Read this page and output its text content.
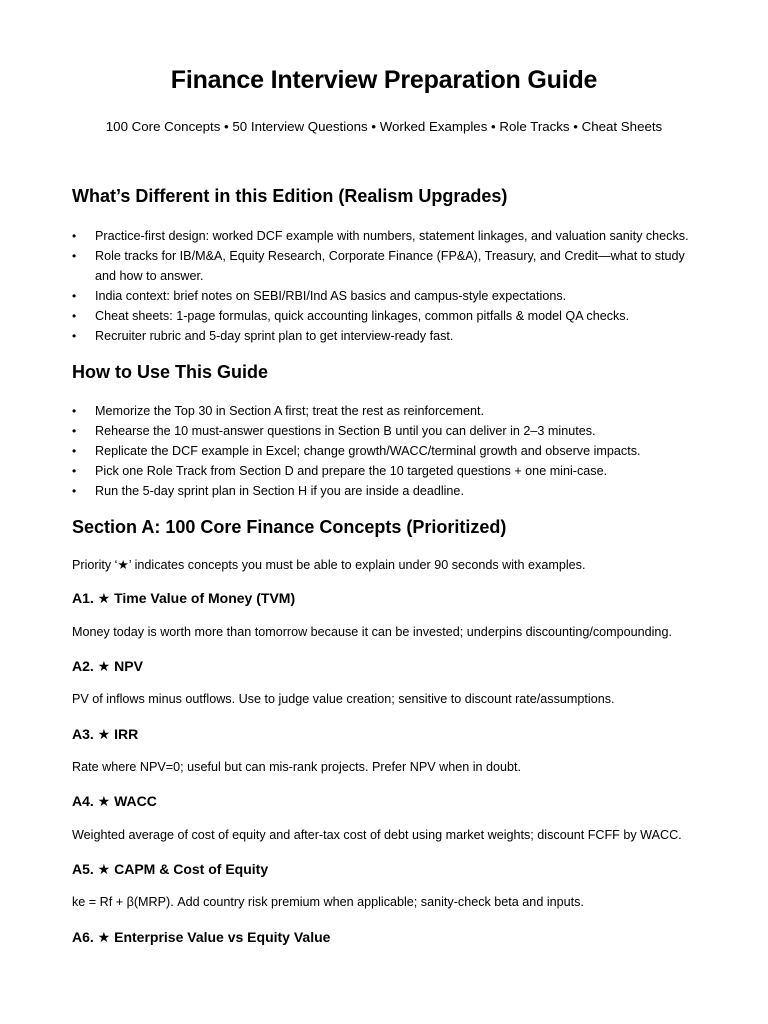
Finance Interview Preparation Guide
100 Core Concepts • 50 Interview Questions • Worked Examples • Role Tracks • Cheat Sheets
What’s Different in this Edition (Realism Upgrades)
• Practice-first design: worked DCF example with numbers, statement linkages, and valuation sanity checks.
• Role tracks for IB/M&A, Equity Research, Corporate Finance (FP&A), Treasury, and Credit—what to study and how to answer.
• India context: brief notes on SEBI/RBI/Ind AS basics and campus-style expectations.
• Cheat sheets: 1-page formulas, quick accounting linkages, common pitfalls & model QA checks.
• Recruiter rubric and 5-day sprint plan to get interview-ready fast.
How to Use This Guide
• Memorize the Top 30 in Section A first; treat the rest as reinforcement.
• Rehearse the 10 must-answer questions in Section B until you can deliver in 2–3 minutes.
• Replicate the DCF example in Excel; change growth/WACC/terminal growth and observe impacts.
• Pick one Role Track from Section D and prepare the 10 targeted questions + one mini-case.
• Run the 5-day sprint plan in Section H if you are inside a deadline.
Section A: 100 Core Finance Concepts (Prioritized)
Priority ‘★’ indicates concepts you must be able to explain under 90 seconds with examples.
A1. ★ Time Value of Money (TVM)
Money today is worth more than tomorrow because it can be invested; underpins discounting/compounding.
A2. ★ NPV
PV of inflows minus outflows. Use to judge value creation; sensitive to discount rate/assumptions.
A3. ★ IRR
Rate where NPV=0; useful but can mis-rank projects. Prefer NPV when in doubt.
A4. ★ WACC
Weighted average of cost of equity and after-tax cost of debt using market weights; discount FCFF by WACC.
A5. ★ CAPM & Cost of Equity
ke = Rf + β(MRP). Add country risk premium when applicable; sanity-check beta and inputs.
A6. ★ Enterprise Value vs Equity Value
